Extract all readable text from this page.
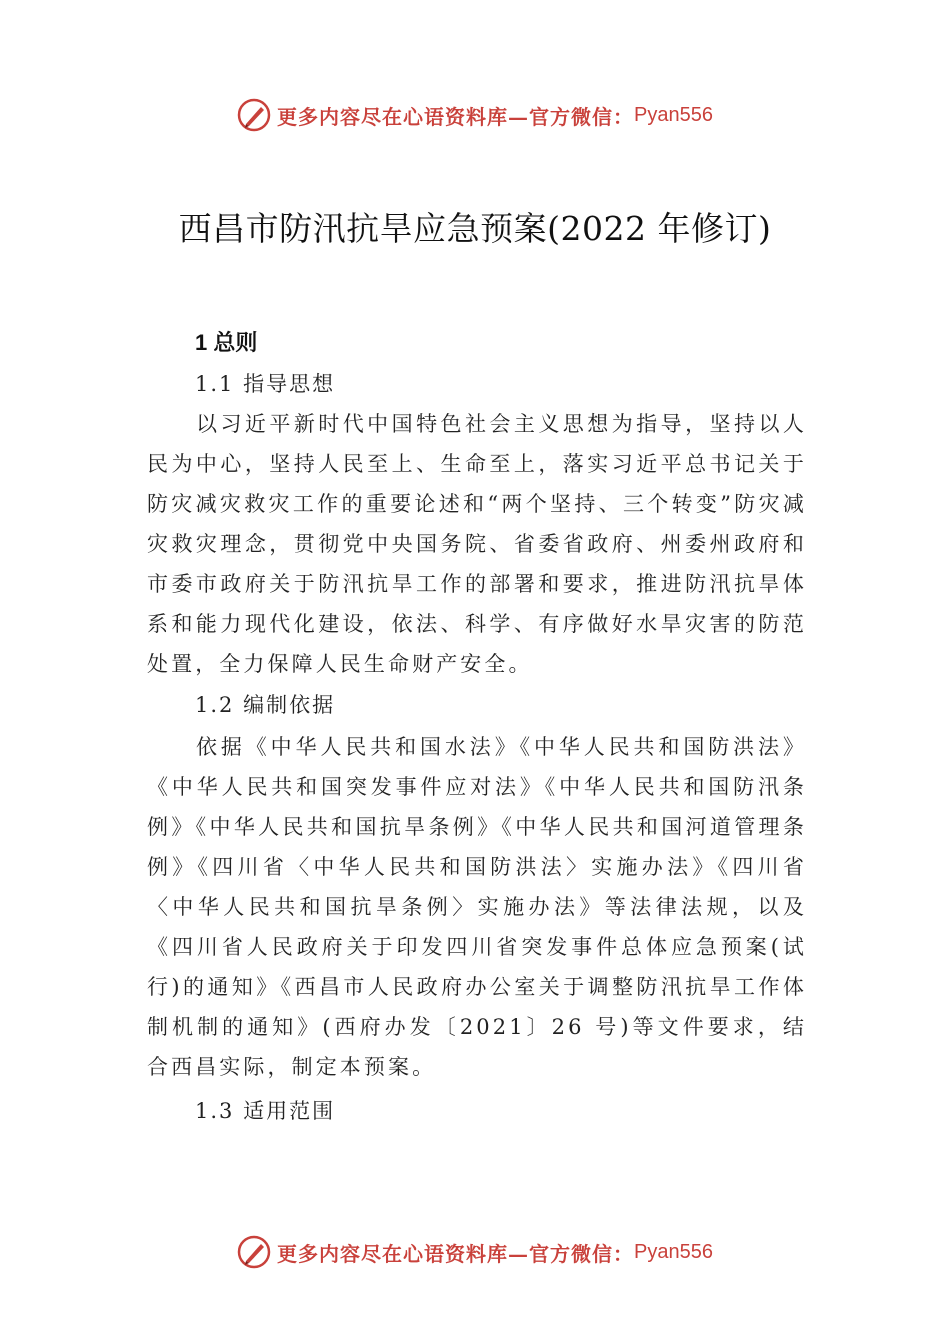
更多内容尽在心语资料库—官方微信： Pyan556
西昌市防汛抗旱应急预案(2022 年修订)
1 总则
1.1 指导思想
以习近平新时代中国特色社会主义思想为指导，坚持以人民为中心，坚持人民至上、生命至上，落实习近平总书记关于防灾减灾救灾工作的重要论述和“两个坚持、三个转变”防灾减灾救灾理念，贯彻党中央国务院、省委省政府、州委州政府和市委市政府关于防汛抗旱工作的部署和要求，推进防汛抗旱体系和能力现代化建设，依法、科学、有序做好水旱灾害的防范处置，全力保障人民生命财产安全。
1.2 编制依据
依据《中华人民共和国水法》《中华人民共和国防洪法》《中华人民共和国突发事件应对法》《中华人民共和国防汛条例》《中华人民共和国抗旱条例》《中华人民共和国河道管理条例》《四川省〈中华人民共和国防洪法〉实施办法》《四川省〈中华人民共和国抗旱条例〉实施办法》等法律法规，以及《四川省人民政府关于印发四川省突发事件总体应急预案(试行)的通知》《西昌市人民政府办公室关于调整防汛抗旱工作体制机制的通知》(西府办发〔2021〕26 号)等文件要求，结合西昌实际，制定本预案。
1.3 适用范围
更多内容尽在心语资料库—官方微信： Pyan556
